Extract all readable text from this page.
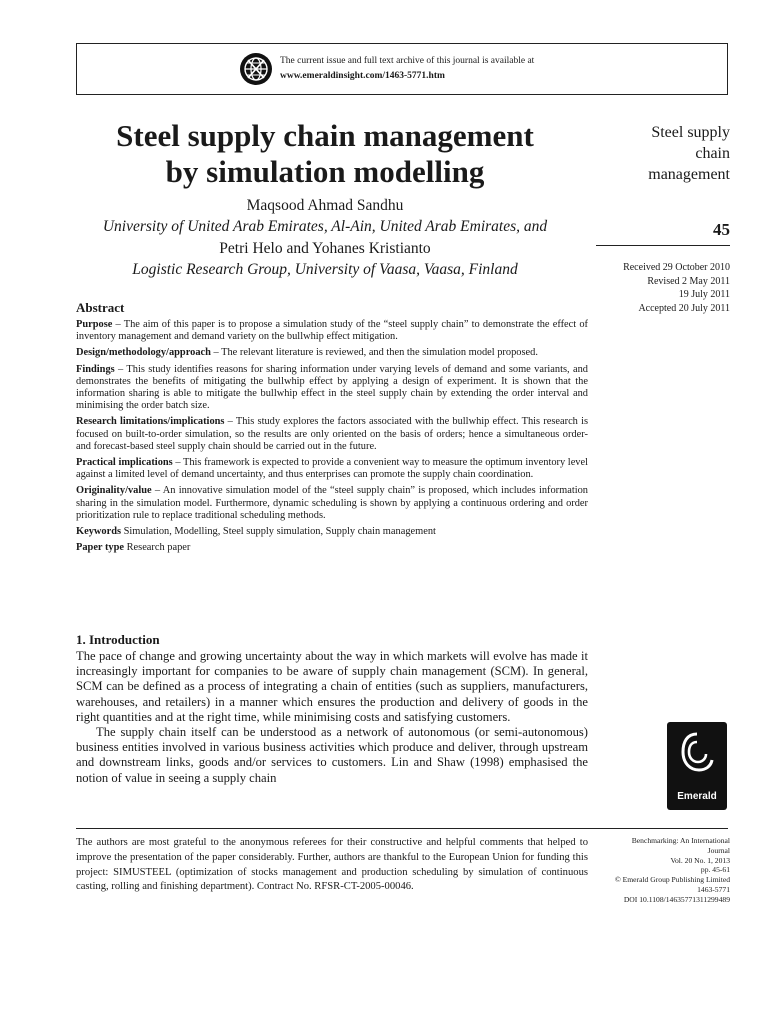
The current issue and full text archive of this journal is available at
www.emeraldinsight.com/1463-5771.htm
Steel supply chain management
by simulation modelling
Maqsood Ahmad Sandhu
University of United Arab Emirates, Al-Ain, United Arab Emirates, and
Petri Helo and Yohanes Kristianto
Logistic Research Group, University of Vaasa, Vaasa, Finland
Steel supply
chain
management
45
Received 29 October 2010
Revised 2 May 2011
19 July 2011
Accepted 20 July 2011
Abstract

Purpose – The aim of this paper is to propose a simulation study of the “steel supply chain” to demonstrate the effect of inventory management and demand variety on the bullwhip effect mitigation.

Design/methodology/approach – The relevant literature is reviewed, and then the simulation model proposed.

Findings – This study identifies reasons for sharing information under varying levels of demand and some variants, and demonstrates the benefits of mitigating the bullwhip effect by applying a design of experiment. It is shown that the information sharing is able to mitigate the bullwhip effect in the steel supply chain by extending the order interval and minimising the order batch size.

Research limitations/implications – This study explores the factors associated with the bullwhip effect. This research is focused on built-to-order simulation, so the results are only oriented on the basis of orders; hence a simultaneous order- and forecast-based steel supply chain should be carried out in the future.

Practical implications – This framework is expected to provide a convenient way to measure the optimum inventory level against a limited level of demand uncertainty, and thus enterprises can promote the supply chain coordination.

Originality/value – An innovative simulation model of the “steel supply chain” is proposed, which includes information sharing in the simulation model. Furthermore, dynamic scheduling is shown by applying a continuous ordering and order prioritization rule to replace traditional scheduling methods.

Keywords Simulation, Modelling, Steel supply simulation, Supply chain management

Paper type Research paper

1. Introduction

The pace of change and growing uncertainty about the way in which markets will evolve has made it increasingly important for companies to be aware of supply chain management (SCM). In general, SCM can be defined as a process of integrating a chain of entities (such as suppliers, manufacturers, warehouses, and retailers) in a manner which ensures the production and delivery of goods in the right quantities and at the right time, while minimising costs and satisfying customers.

The supply chain itself can be understood as a network of autonomous (or semi-autonomous) business entities involved in various business activities which produce and deliver, through upstream and downstream links, goods and/or services to customers. Lin and Shaw (1998) emphasised the notion of value in seeing a supply chain

Emerald
The authors are most grateful to the anonymous referees for their constructive and helpful comments that helped to improve the presentation of the paper considerably. Further, authors are thankful to the European Union for funding this project: SIMUSTEEL (optimization of stocks management and production scheduling by simulation of continuous casting, rolling and finishing department). Contract No. RFSR-CT-2005-00046.
Benchmarking: An International
Journal
Vol. 20 No. 1, 2013
pp. 45-61
© Emerald Group Publishing Limited
1463-5771
DOI 10.1108/14635771311299489
